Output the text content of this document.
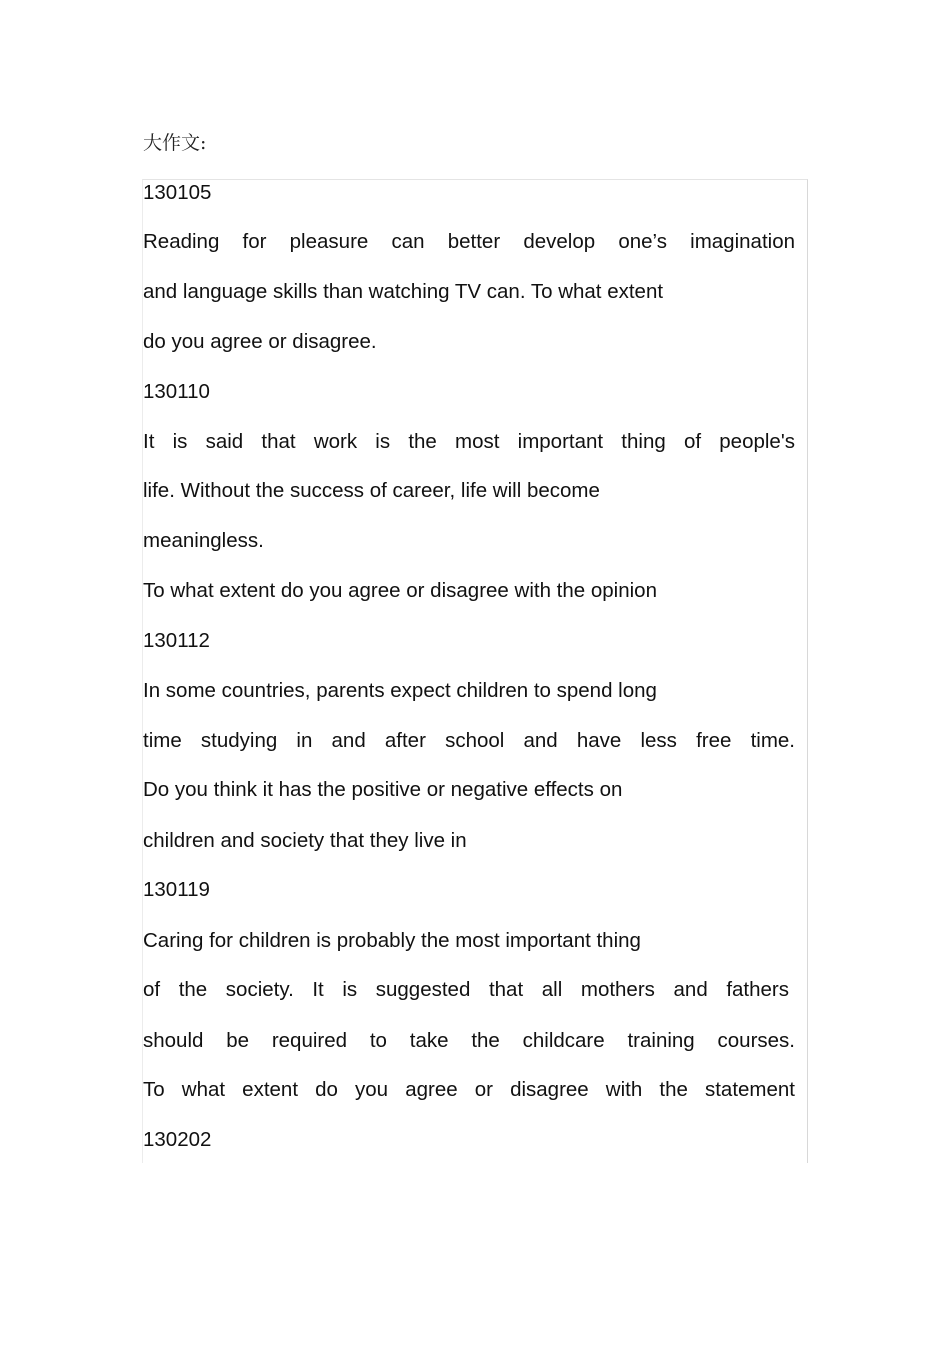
大作文:
130105
Reading for pleasure can better develop one’s imagination
and language skills than watching TV can. To what extent
do you agree or disagree.
130110
It is said that work is the most important thing of people's
life. Without the success of career, life will become
meaningless.
To what extent do you agree or disagree with the opinion
130112
In some countries, parents expect children to spend long
time studying in and after school and have less free time.
Do you think it has the positive or negative effects on
children and society that they live in
130119
Caring for children is probably the most important thing
of the society. It is suggested that all mothers and fathers
should be required to take the childcare training courses.
To what extent do you agree or disagree with the statement
130202
